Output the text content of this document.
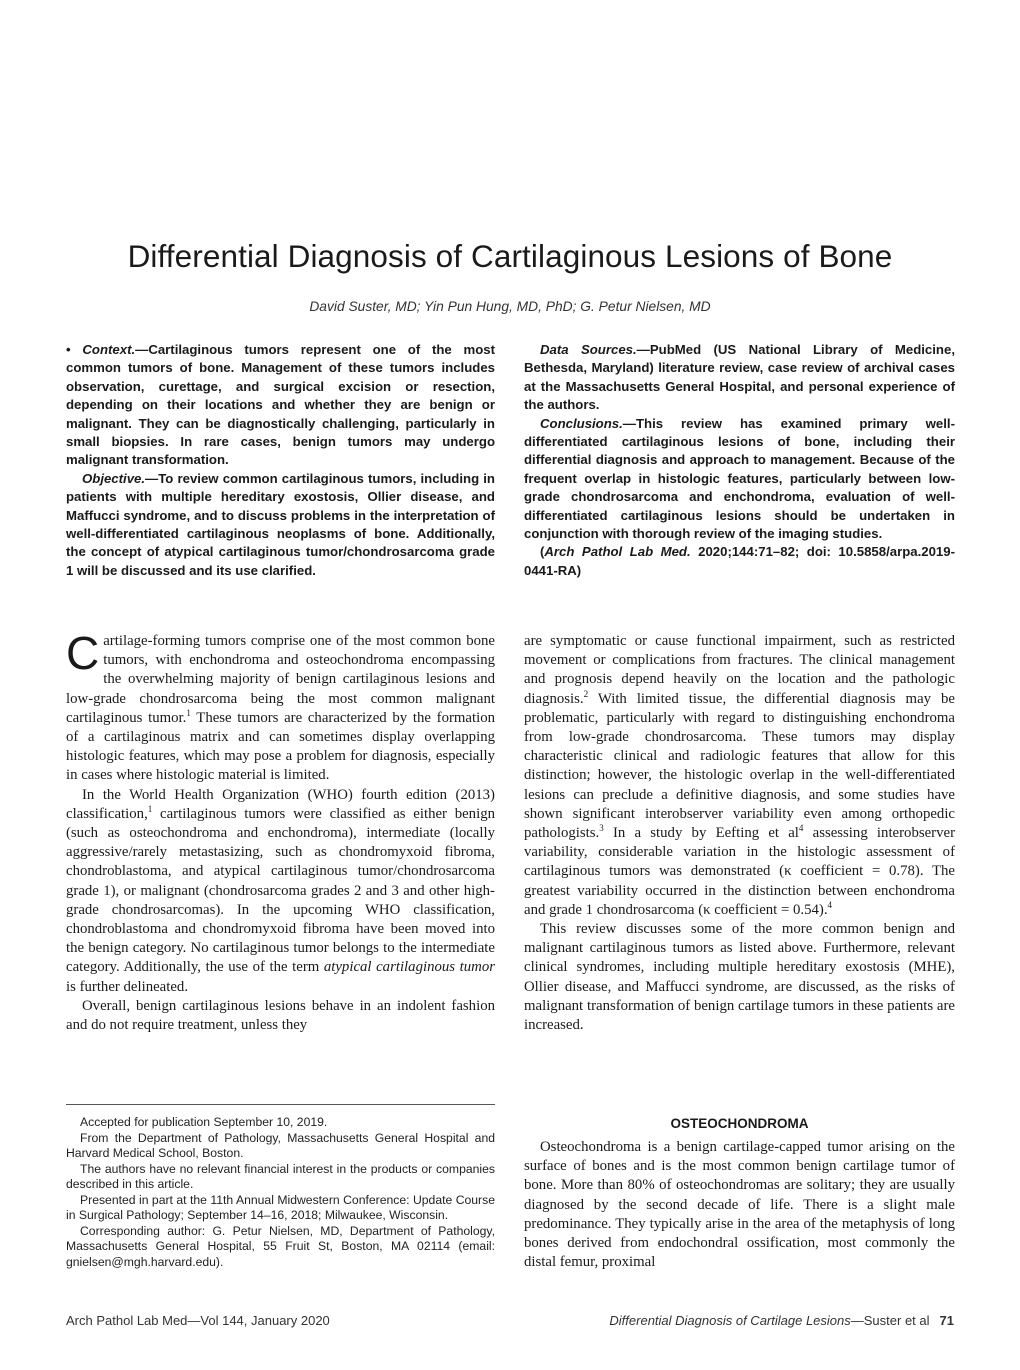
Differential Diagnosis of Cartilaginous Lesions of Bone
David Suster, MD; Yin Pun Hung, MD, PhD; G. Petur Nielsen, MD

• Context.—Cartilaginous tumors represent one of the most common tumors of bone. Management of these tumors includes observation, curettage, and surgical excision or resection, depending on their locations and whether they are benign or malignant. They can be diagnostically challenging, particularly in small biopsies. In rare cases, benign tumors may undergo malignant transformation.

Objective.—To review common cartilaginous tumors, including in patients with multiple hereditary exostosis, Ollier disease, and Maffucci syndrome, and to discuss problems in the interpretation of well-differentiated cartilaginous neoplasms of bone. Additionally, the concept of atypical cartilaginous tumor/chondrosarcoma grade 1 will be discussed and its use clarified.

Data Sources.—PubMed (US National Library of Medicine, Bethesda, Maryland) literature review, case review of archival cases at the Massachusetts General Hospital, and personal experience of the authors.

Conclusions.—This review has examined primary well-differentiated cartilaginous lesions of bone, including their differential diagnosis and approach to management. Because of the frequent overlap in histologic features, particularly between low-grade chondrosarcoma and enchondroma, evaluation of well-differentiated cartilaginous lesions should be undertaken in conjunction with thorough review of the imaging studies.

(Arch Pathol Lab Med. 2020;144:71–82; doi: 10.5858/arpa.2019-0441-RA)

Cartilage-forming tumors comprise one of the most common bone tumors, with enchondroma and osteochondroma encompassing the overwhelming majority of benign cartilaginous lesions and low-grade chondrosarcoma being the most common malignant cartilaginous tumor.$^1$ These tumors are characterized by the formation of a cartilaginous matrix and can sometimes display overlapping histologic features, which may pose a problem for diagnosis, especially in cases where histologic material is limited.

In the World Health Organization (WHO) fourth edition (2013) classification,$^1$ cartilaginous tumors were classified as either benign (such as osteochondroma and enchondroma), intermediate (locally aggressive/rarely metastasizing, such as chondromyxoid fibroma, chondroblastoma, and atypical cartilaginous tumor/chondrosarcoma grade 1), or malignant (chondrosarcoma grades 2 and 3 and other high-grade chondrosarcomas). In the upcoming WHO classification, chondroblastoma and chondromyxoid fibroma have been moved into the benign category. No cartilaginous tumor belongs to the intermediate category. Additionally, the use of the term atypical cartilaginous tumor is further delineated.

Overall, benign cartilaginous lesions behave in an indolent fashion and do not require treatment, unless they

are symptomatic or cause functional impairment, such as restricted movement or complications from fractures. The clinical management and prognosis depend heavily on the location and the pathologic diagnosis.$^2$ With limited tissue, the differential diagnosis may be problematic, particularly with regard to distinguishing enchondroma from low-grade chondrosarcoma. These tumors may display characteristic clinical and radiologic features that allow for this distinction; however, the histologic overlap in the well-differentiated lesions can preclude a definitive diagnosis, and some studies have shown significant interobserver variability even among orthopedic pathologists.$^3$ In a study by Eefting et $al^4$ assessing interobserver variability, considerable variation in the histologic assessment of cartilaginous tumors was demonstrated (κ coefficient = 0.78). The greatest variability occurred in the distinction between enchondroma and grade 1 chondrosarcoma (κ coefficient = 0.54).$^4$

This review discusses some of the more common benign and malignant cartilaginous tumors as listed above. Furthermore, relevant clinical syndromes, including multiple hereditary exostosis (MHE), Ollier disease, and Maffucci syndrome, are discussed, as the risks of malignant transformation of benign cartilage tumors in these patients are increased.

OSTEOCHONDROMA

Osteochondroma is a benign cartilage-capped tumor arising on the surface of bones and is the most common benign cartilage tumor of bone. More than 80% of osteochondromas are solitary; they are usually diagnosed by the second decade of life. There is a slight male predominance. They typically arise in the area of the metaphysis of long bones derived from endochondral ossification, most commonly the distal femur, proximal

Accepted for publication September 10, 2019.

From the Department of Pathology, Massachusetts General Hospital and Harvard Medical School, Boston.

The authors have no relevant financial interest in the products or companies described in this article.

Presented in part at the 11th Annual Midwestern Conference: Update Course in Surgical Pathology; September 14–16, 2018; Milwaukee, Wisconsin.

Corresponding author: G. Petur Nielsen, MD, Department of Pathology, Massachusetts General Hospital, 55 Fruit St, Boston, MA 02114 (email: gnielsen@mgh.harvard.edu).

Arch Pathol Lab Med—Vol 144, January 2020	Differential Diagnosis of Cartilage Lesions—Suster et al 71
